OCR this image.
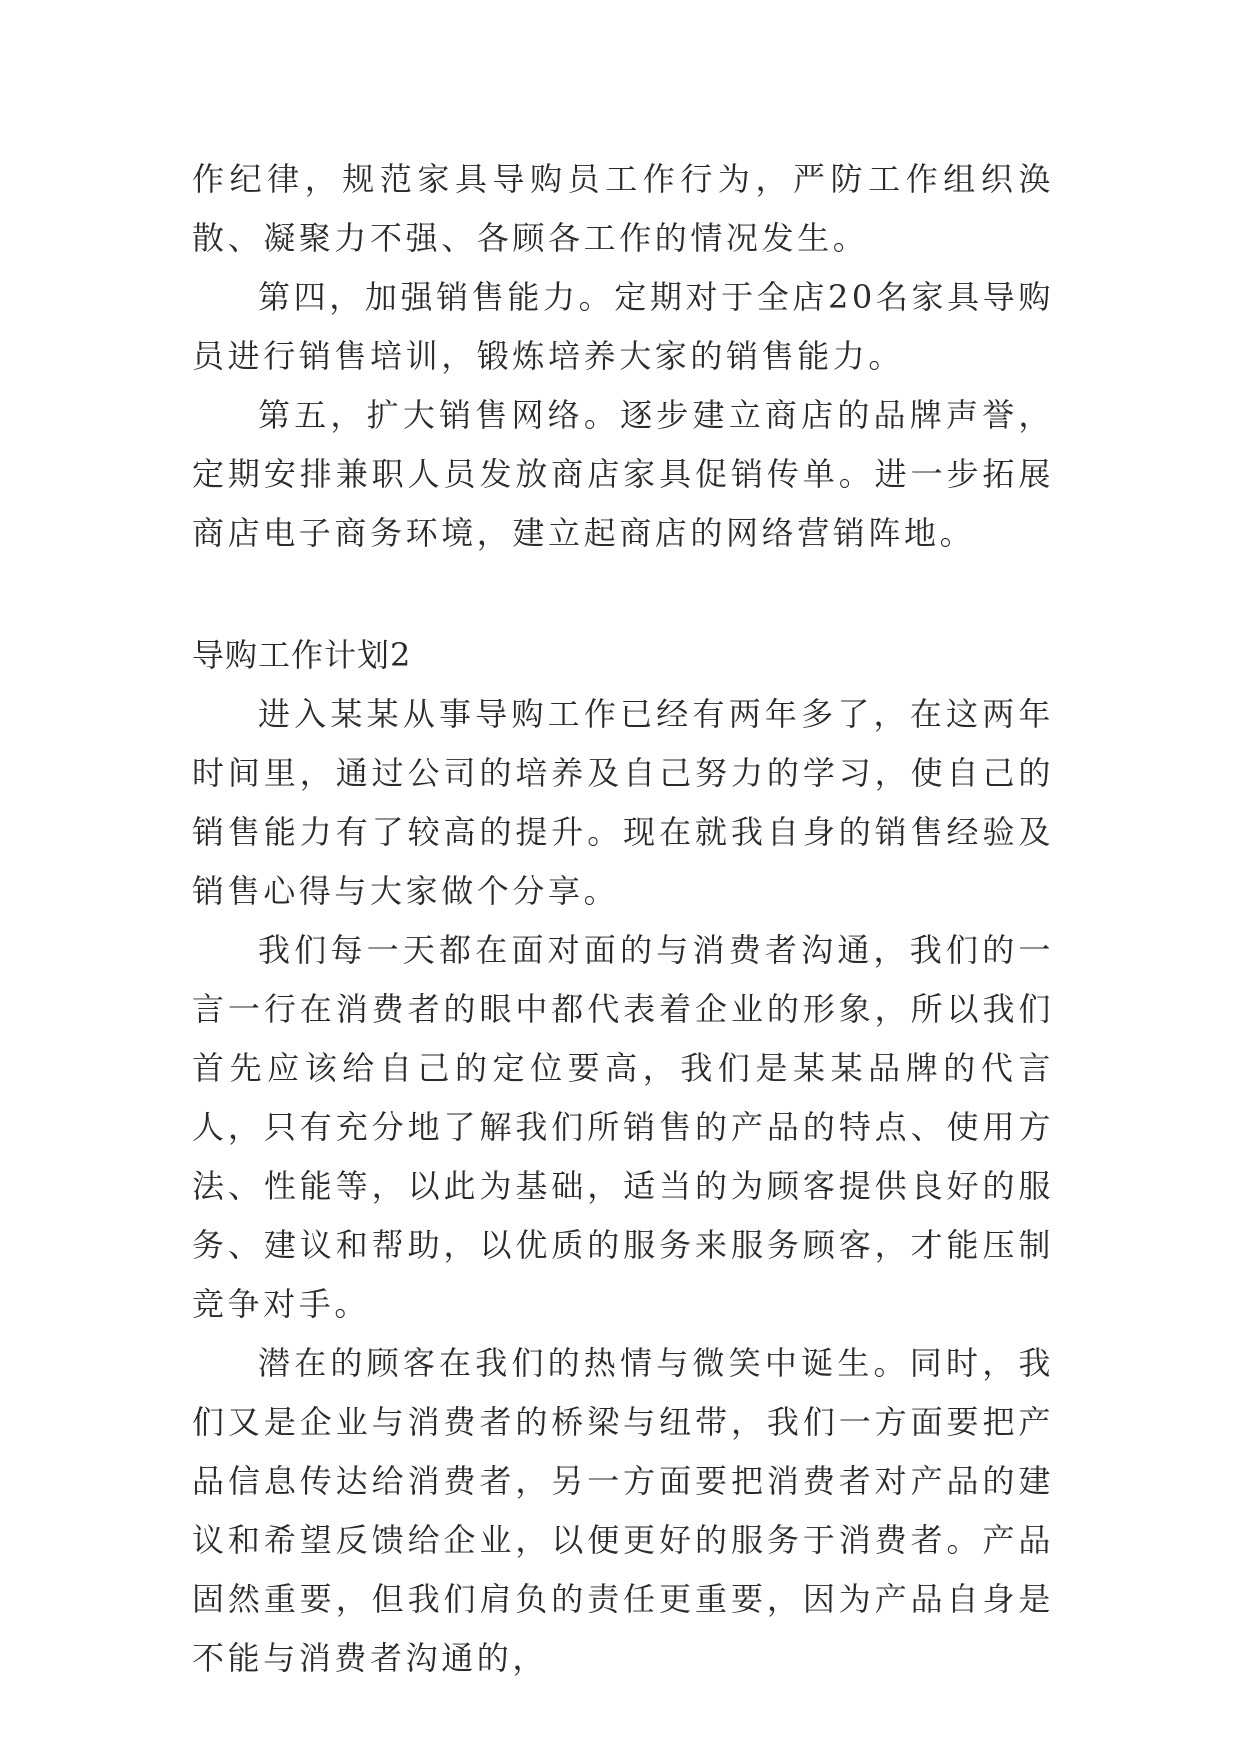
作纪律，规范家具导购员工作行为，严防工作组织涣散、凝聚力不强、各顾各工作的情况发生。

第四，加强销售能力。定期对于全店20名家具导购员进行销售培训，锻炼培养大家的销售能力。

第五，扩大销售网络。逐步建立商店的品牌声誉，定期安排兼职人员发放商店家具促销传单。进一步拓展商店电子商务环境，建立起商店的网络营销阵地。

导购工作计划2

进入某某从事导购工作已经有两年多了，在这两年时间里，通过公司的培养及自己努力的学习，使自己的销售能力有了较高的提升。现在就我自身的销售经验及销售心得与大家做个分享。

我们每一天都在面对面的与消费者沟通，我们的一言一行在消费者的眼中都代表着企业的形象，所以我们首先应该给自己的定位要高，我们是某某品牌的代言人，只有充分地了解我们所销售的产品的特点、使用方法、性能等，以此为基础，适当的为顾客提供良好的服务、建议和帮助，以优质的服务来服务顾客，才能压制竞争对手。

潜在的顾客在我们的热情与微笑中诞生。同时，我们又是企业与消费者的桥梁与纽带，我们一方面要把产品信息传达给消费者，另一方面要把消费者对产品的建议和希望反馈给企业，以便更好的服务于消费者。产品固然重要，但我们肩负的责任更重要，因为产品自身是不能与消费者沟通的，
